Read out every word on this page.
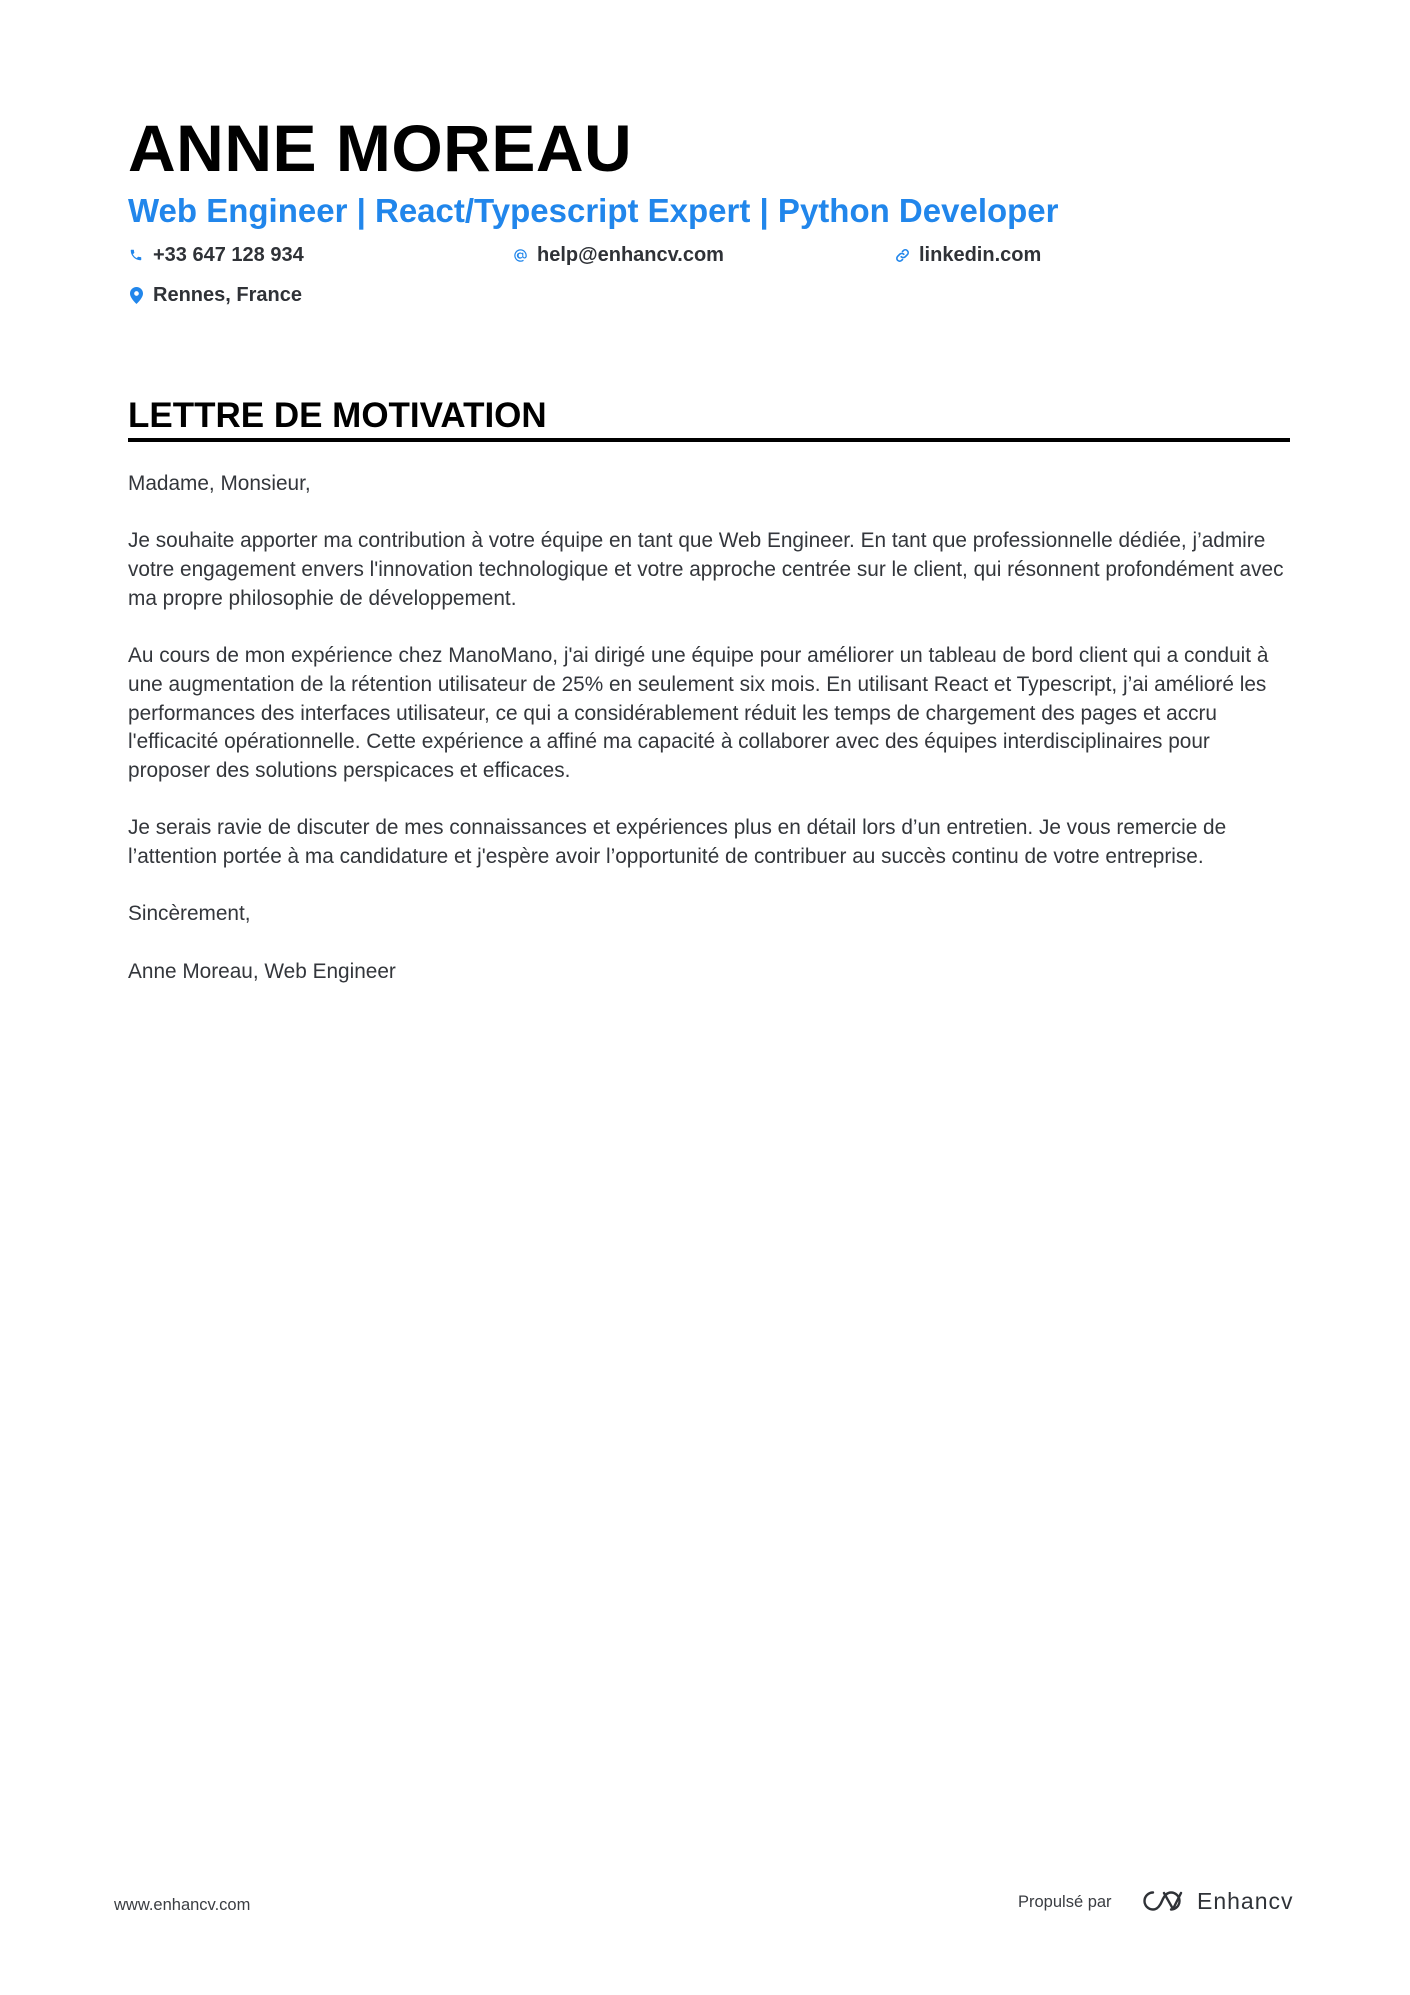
ANNE MOREAU
Web Engineer | React/Typescript Expert | Python Developer
+33 647 128 934	help@enhancv.com	linkedin.com
Rennes, France
LETTRE DE MOTIVATION

Madame, Monsieur,

Je souhaite apporter ma contribution à votre équipe en tant que Web Engineer. En tant que professionnelle dédiée, j’admire votre engagement envers l'innovation technologique et votre approche centrée sur le client, qui résonnent profondément avec ma propre philosophie de développement.

Au cours de mon expérience chez ManoMano, j'ai dirigé une équipe pour améliorer un tableau de bord client qui a conduit à une augmentation de la rétention utilisateur de 25% en seulement six mois. En utilisant React et Typescript, j’ai amélioré les performances des interfaces utilisateur, ce qui a considérablement réduit les temps de chargement des pages et accru l'efficacité opérationnelle. Cette expérience a affiné ma capacité à collaborer avec des équipes interdisciplinaires pour proposer des solutions perspicaces et efficaces.

Je serais ravie de discuter de mes connaissances et expériences plus en détail lors d’un entretien. Je vous remercie de l’attention portée à ma candidature et j'espère avoir l’opportunité de contribuer au succès continu de votre entreprise.

Sincèrement,

Anne Moreau, Web Engineer

www.enhancv.com	Propulsé par	Enhancv
